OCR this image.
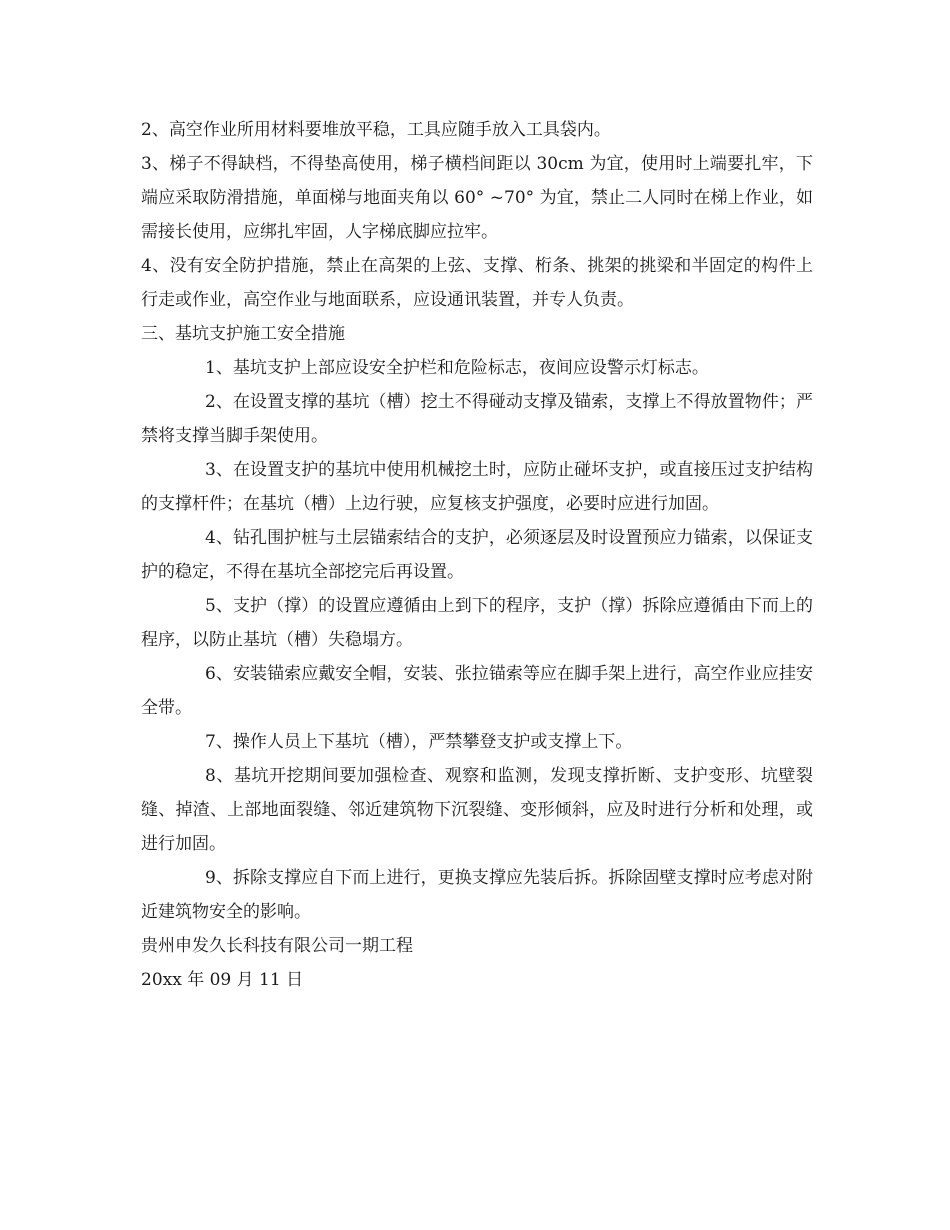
2、高空作业所用材料要堆放平稳，工具应随手放入工具袋内。

3、梯子不得缺档，不得垫高使用，梯子横档间距以 30cm 为宜，使用时上端要扎牢，下端应采取防滑措施，单面梯与地面夹角以 60° ~70° 为宜，禁止二人同时在梯上作业，如需接长使用，应绑扎牢固，人字梯底脚应拉牢。

4、没有安全防护措施，禁止在高架的上弦、支撑、桁条、挑架的挑梁和半固定的构件上行走或作业，高空作业与地面联系，应设通讯装置，并专人负责。

三、基坑支护施工安全措施

1、基坑支护上部应设安全护栏和危险标志，夜间应设警示灯标志。

2、在设置支撑的基坑（槽）挖土不得碰动支撑及锚索，支撑上不得放置物件；严禁将支撑当脚手架使用。

3、在设置支护的基坑中使用机械挖土时，应防止碰坏支护，或直接压过支护结构的支撑杆件；在基坑（槽）上边行驶，应复核支护强度，必要时应进行加固。

4、钻孔围护桩与土层锚索结合的支护，必须逐层及时设置预应力锚索，以保证支护的稳定，不得在基坑全部挖完后再设置。

5、支护（撑）的设置应遵循由上到下的程序，支护（撑）拆除应遵循由下而上的程序，以防止基坑（槽）失稳塌方。

6、安装锚索应戴安全帽，安装、张拉锚索等应在脚手架上进行，高空作业应挂安全带。

7、操作人员上下基坑（槽），严禁攀登支护或支撑上下。

8、基坑开挖期间要加强检查、观察和监测，发现支撑折断、支护变形、坑壁裂缝、掉渣、上部地面裂缝、邻近建筑物下沉裂缝、变形倾斜，应及时进行分析和处理，或进行加固。

9、拆除支撑应自下而上进行，更换支撑应先装后拆。拆除固壁支撑时应考虑对附近建筑物安全的影响。

贵州申发久长科技有限公司一期工程

20xx 年 09 月 11 日
